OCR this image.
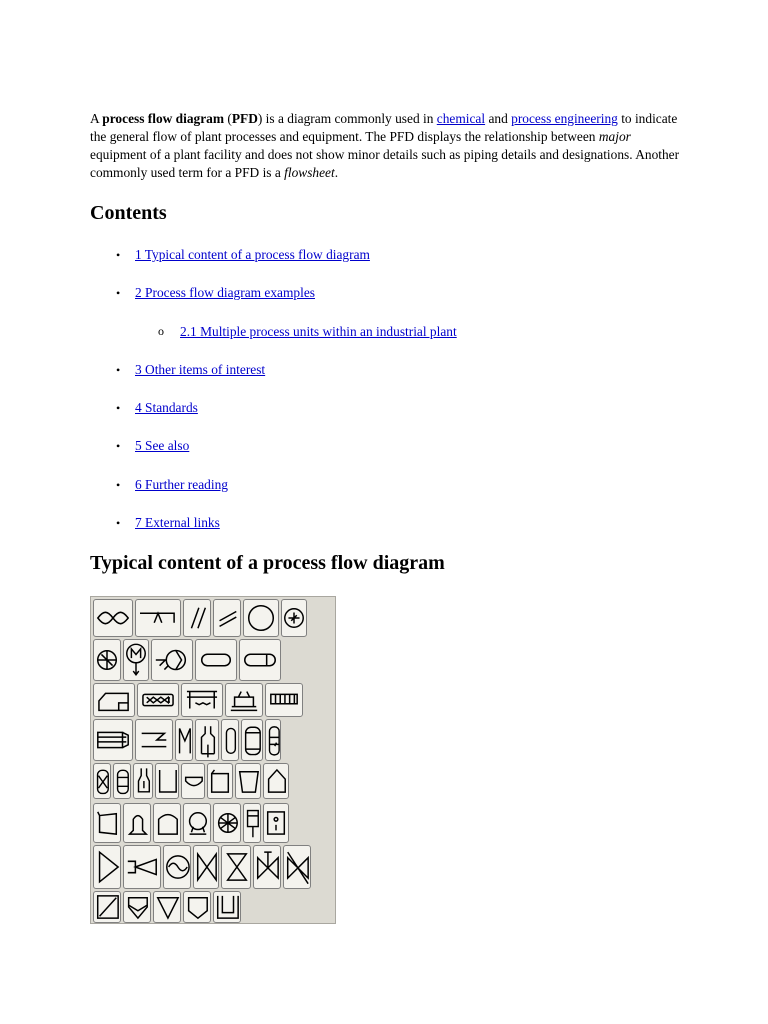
A process flow diagram (PFD) is a diagram commonly used in chemical and process engineering to indicate the general flow of plant processes and equipment. The PFD displays the relationship between major equipment of a plant facility and does not show minor details such as piping details and designations. Another commonly used term for a PFD is a flowsheet.

Contents
• 1 Typical content of a process flow diagram
• 2 Process flow diagram examples
o 2.1 Multiple process units within an industrial plant
• 3 Other items of interest
• 4 Standards
• 5 See also
• 6 Further reading
• 7 External links
Typical content of a process flow diagram
